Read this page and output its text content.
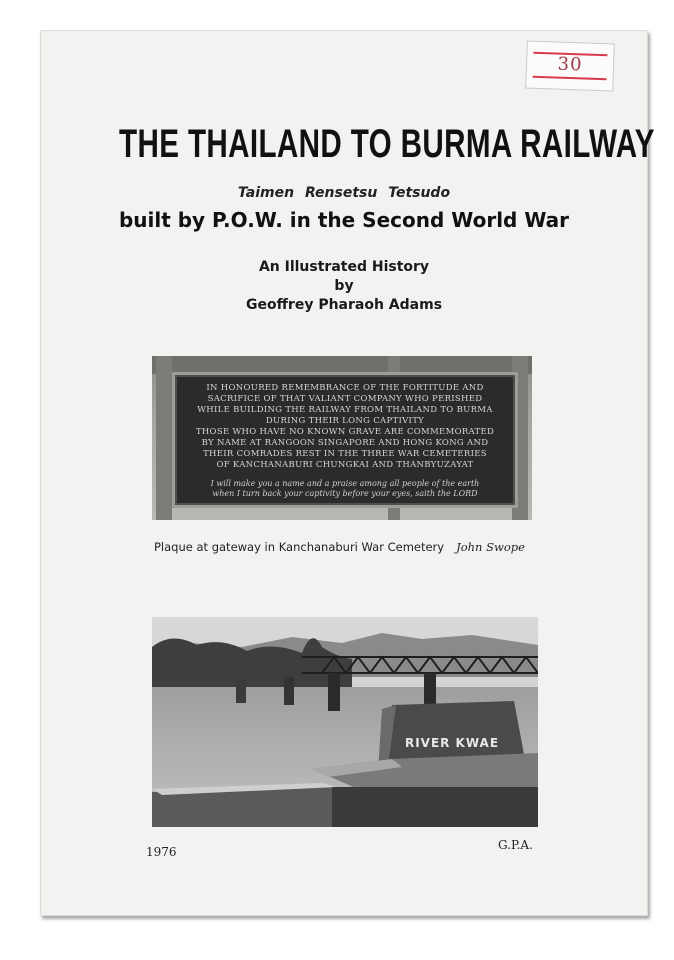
30
THE THAILAND TO BURMA RAILWAY
Taimen Rensetsu Tetsudo
built by P.O.W. in the Second World War
An Illustrated History
by
Geoffrey Pharaoh Adams
IN HONOURED REMEMBRANCE OF THE FORTITUDE AND
SACRIFICE OF THAT VALIANT COMPANY WHO PERISHED
WHILE BUILDING THE RAILWAY FROM THAILAND TO BURMA
DURING THEIR LONG CAPTIVITY
THOSE WHO HAVE NO KNOWN GRAVE ARE COMMEMORATED
BY NAME AT RANGOON SINGAPORE AND HONG KONG AND
THEIR COMRADES REST IN THE THREE WAR CEMETERIES
OF KANCHANABURI CHUNGKAI AND THANBYUZAYAT
I will make you a name and a praise among all people of the earth
when I turn back your captivity before your eyes, saith the LORD
Plaque at gateway in Kanchanaburi War Cemetery John Swope
RIVER KWAE
1976	G.P.A.
